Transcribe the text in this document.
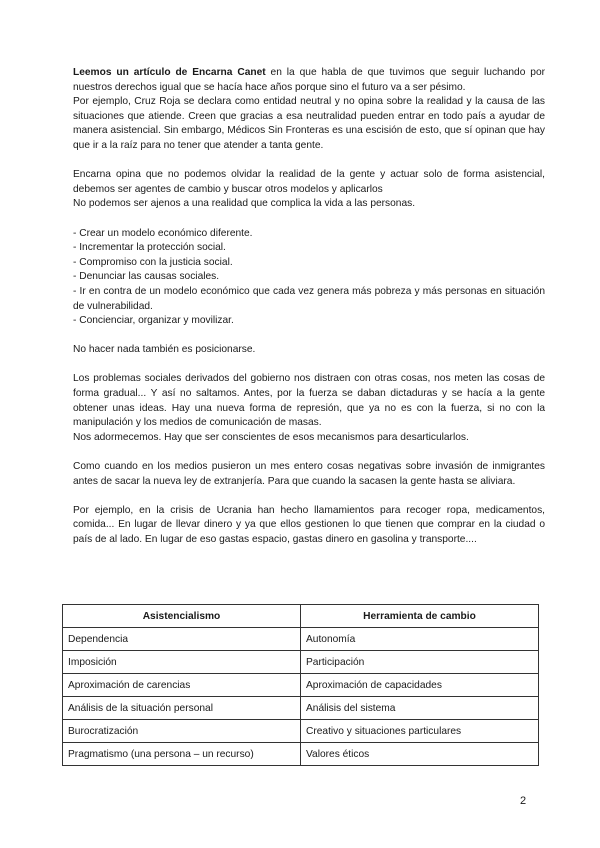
Leemos un artículo de Encarna Canet en la que habla de que tuvimos que seguir luchando por nuestros derechos igual que se hacía hace años porque sino el futuro va a ser pésimo.

Por ejemplo, Cruz Roja se declara como entidad neutral y no opina sobre la realidad y la causa de las situaciones que atiende. Creen que gracias a esa neutralidad pueden entrar en todo país a ayudar de manera asistencial. Sin embargo, Médicos Sin Fronteras es una escisión de esto, que sí opinan que hay que ir a la raíz para no tener que atender a tanta gente.

Encarna opina que no podemos olvidar la realidad de la gente y actuar solo de forma asistencial, debemos ser agentes de cambio y buscar otros modelos y aplicarlos

No podemos ser ajenos a una realidad que complica la vida a las personas.

- Crear un modelo económico diferente.
- Incrementar la protección social.
- Compromiso con la justicia social.
- Denunciar las causas sociales.
- Ir en contra de un modelo económico que cada vez genera más pobreza y más personas en situación de vulnerabilidad.
- Concienciar, organizar y movilizar.

No hacer nada también es posicionarse.

Los problemas sociales derivados del gobierno nos distraen con otras cosas, nos meten las cosas de forma gradual... Y así no saltamos. Antes, por la fuerza se daban dictaduras y se hacía a la gente obtener unas ideas. Hay una nueva forma de represión, que ya no es con la fuerza, si no con la manipulación y los medios de comunicación de masas.

Nos adormecemos. Hay que ser conscientes de esos mecanismos para desarticularlos.

Como cuando en los medios pusieron un mes entero cosas negativas sobre invasión de inmigrantes antes de sacar la nueva ley de extranjería. Para que cuando la sacasen la gente hasta se aliviara.

Por ejemplo, en la crisis de Ucrania han hecho llamamientos para recoger ropa, medicamentos, comida... En lugar de llevar dinero y ya que ellos gestionen lo que tienen que comprar en la ciudad o país de al lado. En lugar de eso gastas espacio, gastas dinero en gasolina y transporte....

Asistencialismo	Herramienta de cambio
Dependencia	Autonomía
Imposición	Participación
Aproximación de carencias	Aproximación de capacidades
Análisis de la situación personal	Análisis del sistema
Burocratización	Creativo y situaciones particulares
Pragmatismo (una persona – un recurso)	Valores éticos
2
